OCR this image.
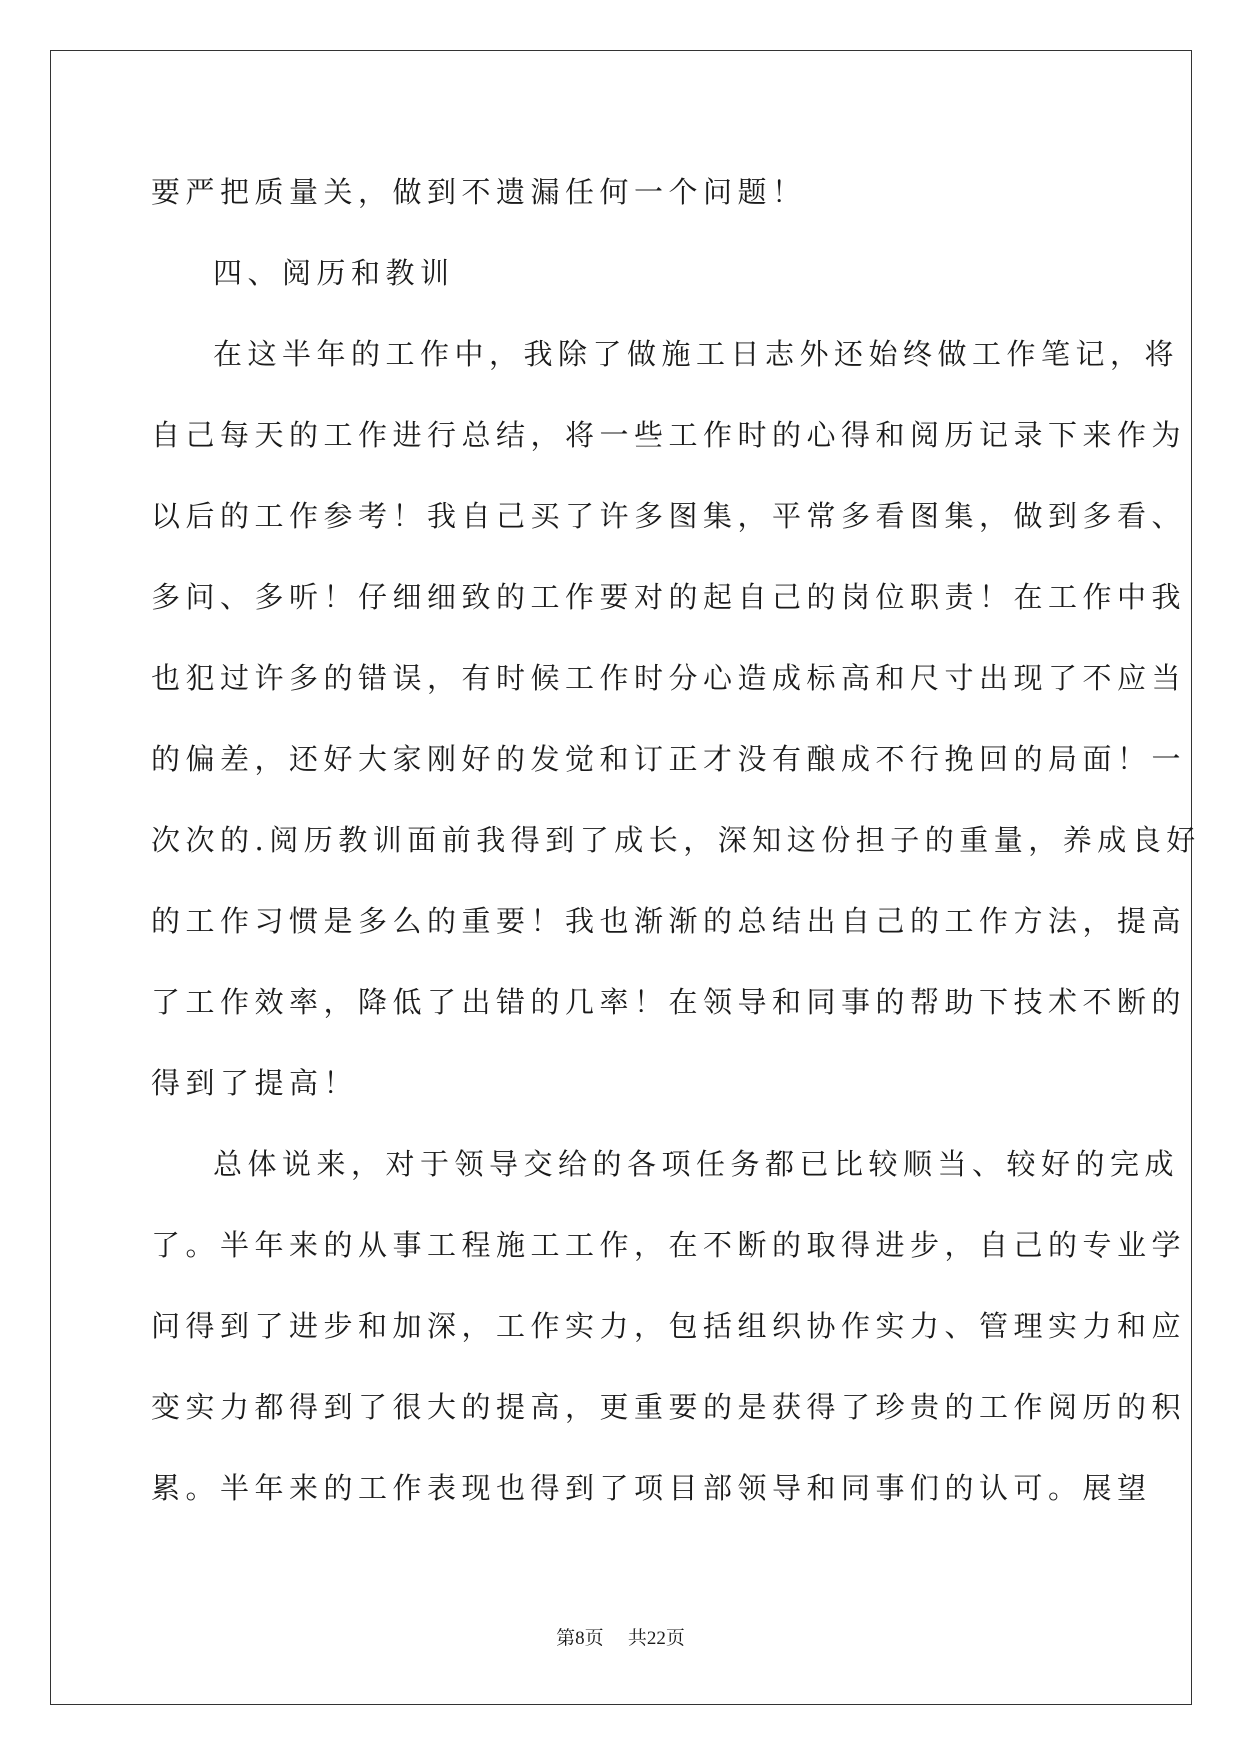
要严把质量关，做到不遗漏任何一个问题！
四、阅历和教训
在这半年的工作中，我除了做施工日志外还始终做工作笔记，将
自己每天的工作进行总结，将一些工作时的心得和阅历记录下来作为
以后的工作参考！我自己买了许多图集，平常多看图集，做到多看、
多问、多听！仔细细致的工作要对的起自己的岗位职责！在工作中我
也犯过许多的错误，有时候工作时分心造成标高和尺寸出现了不应当
的偏差，还好大家刚好的发觉和订正才没有酿成不行挽回的局面！一
次次的.阅历教训面前我得到了成长，深知这份担子的重量，养成良好
的工作习惯是多么的重要！我也渐渐的总结出自己的工作方法，提高
了工作效率，降低了出错的几率！在领导和同事的帮助下技术不断的
得到了提高！
总体说来，对于领导交给的各项任务都已比较顺当、较好的完成
了。半年来的从事工程施工工作，在不断的取得进步，自己的专业学
问得到了进步和加深，工作实力，包括组织协作实力、管理实力和应
变实力都得到了很大的提高，更重要的是获得了珍贵的工作阅历的积
累。半年来的工作表现也得到了项目部领导和同事们的认可。展望
第8页 共22页
